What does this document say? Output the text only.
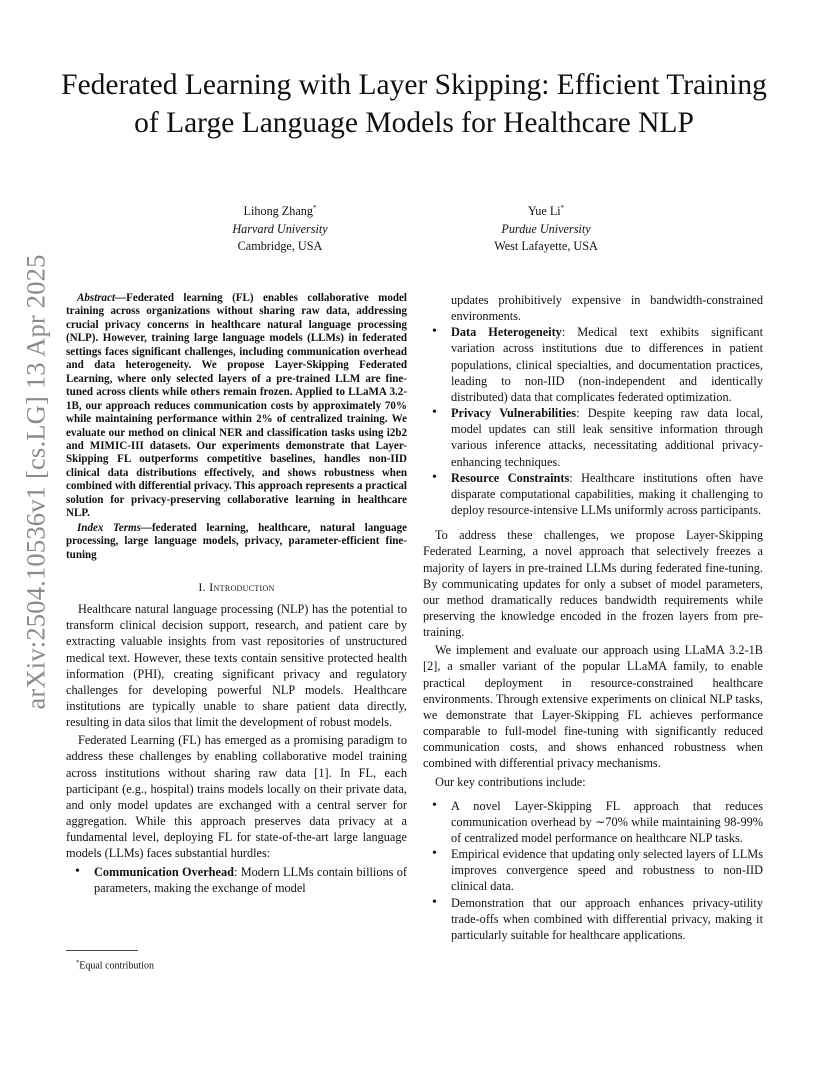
arXiv:2504.10536v1 [cs.LG] 13 Apr 2025
Federated Learning with Layer Skipping: Efficient Training of Large Language Models for Healthcare NLP
Lihong Zhang*
Harvard University
Cambridge, USA
Yue Li*
Purdue University
West Lafayette, USA

Abstract—Federated learning (FL) enables collaborative model training across organizations without sharing raw data, addressing crucial privacy concerns in healthcare natural language processing (NLP). However, training large language models (LLMs) in federated settings faces significant challenges, including communication overhead and data heterogeneity. We propose Layer-Skipping Federated Learning, where only selected layers of a pre-trained LLM are fine-tuned across clients while others remain frozen. Applied to LLaMA 3.2-1B, our approach reduces communication costs by approximately 70% while maintaining performance within 2% of centralized training. We evaluate our method on clinical NER and classification tasks using i2b2 and MIMIC-III datasets. Our experiments demonstrate that Layer-Skipping FL outperforms competitive baselines, handles non-IID clinical data distributions effectively, and shows robustness when combined with differential privacy. This approach represents a practical solution for privacy-preserving collaborative learning in healthcare NLP.

Index Terms—federated learning, healthcare, natural language processing, large language models, privacy, parameter-efficient fine-tuning

I. Introduction

Healthcare natural language processing (NLP) has the potential to transform clinical decision support, research, and patient care by extracting valuable insights from vast repositories of unstructured medical text. However, these texts contain sensitive protected health information (PHI), creating significant privacy and regulatory challenges for developing powerful NLP models. Healthcare institutions are typically unable to share patient data directly, resulting in data silos that limit the development of robust models.

Federated Learning (FL) has emerged as a promising paradigm to address these challenges by enabling collaborative model training across institutions without sharing raw data [1]. In FL, each participant (e.g., hospital) trains models locally on their private data, and only model updates are exchanged with a central server for aggregation. While this approach preserves data privacy at a fundamental level, deploying FL for state-of-the-art large language models (LLMs) faces substantial hurdles:

• Communication Overhead: Modern LLMs contain billions of parameters, making the exchange of model
updates prohibitively expensive in bandwidth-constrained environments.
• Data Heterogeneity: Medical text exhibits significant variation across institutions due to differences in patient populations, clinical specialties, and documentation practices, leading to non-IID (non-independent and identically distributed) data that complicates federated optimization.
• Privacy Vulnerabilities: Despite keeping raw data local, model updates can still leak sensitive information through various inference attacks, necessitating additional privacy-enhancing techniques.
• Resource Constraints: Healthcare institutions often have disparate computational capabilities, making it challenging to deploy resource-intensive LLMs uniformly across participants.

To address these challenges, we propose Layer-Skipping Federated Learning, a novel approach that selectively freezes a majority of layers in pre-trained LLMs during federated fine-tuning. By communicating updates for only a subset of model parameters, our method dramatically reduces bandwidth requirements while preserving the knowledge encoded in the frozen layers from pre-training.

We implement and evaluate our approach using LLaMA 3.2-1B [2], a smaller variant of the popular LLaMA family, to enable practical deployment in resource-constrained healthcare environments. Through extensive experiments on clinical NLP tasks, we demonstrate that Layer-Skipping FL achieves performance comparable to full-model fine-tuning with significantly reduced communication costs, and shows enhanced robustness when combined with differential privacy mechanisms.

Our key contributions include:

• A novel Layer-Skipping FL approach that reduces communication overhead by ∼70% while maintaining 98-99% of centralized model performance on healthcare NLP tasks.
• Empirical evidence that updating only selected layers of LLMs improves convergence speed and robustness to non-IID clinical data.
• Demonstration that our approach enhances privacy-utility trade-offs when combined with differential privacy, making it particularly suitable for healthcare applications.
*Equal contribution
